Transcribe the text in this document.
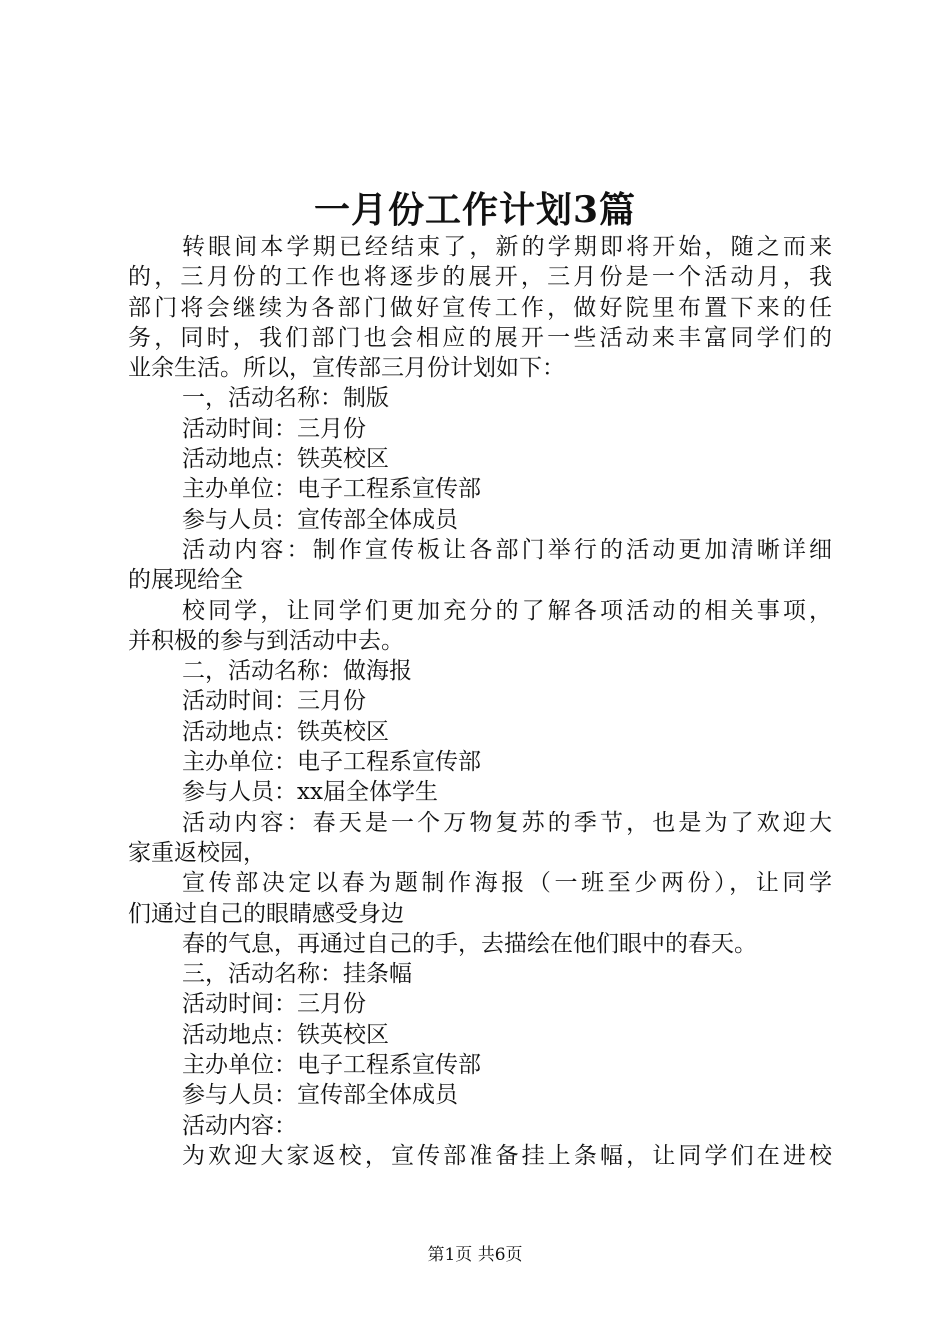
一月份工作计划3篇
转眼间本学期已经结束了，新的学期即将开始，随之而来
的，三月份的工作也将逐步的展开，三月份是一个活动月，我
部门将会继续为各部门做好宣传工作，做好院里布置下来的任
务，同时，我们部门也会相应的展开一些活动来丰富同学们的
业余生活。所以，宣传部三月份计划如下：
一，活动名称：制版
活动时间：三月份
活动地点：铁英校区
主办单位：电子工程系宣传部
参与人员：宣传部全体成员
活动内容：制作宣传板让各部门举行的活动更加清晰详细
的展现给全
校同学，让同学们更加充分的了解各项活动的相关事项，
并积极的参与到活动中去。
二，活动名称：做海报
活动时间：三月份
活动地点：铁英校区
主办单位：电子工程系宣传部
参与人员：xx届全体学生
活动内容：春天是一个万物复苏的季节，也是为了欢迎大
家重返校园，
宣传部决定以春为题制作海报（一班至少两份），让同学
们通过自己的眼睛感受身边
春的气息，再通过自己的手，去描绘在他们眼中的春天。
三，活动名称：挂条幅
活动时间：三月份
活动地点：铁英校区
主办单位：电子工程系宣传部
参与人员：宣传部全体成员
活动内容：
为欢迎大家返校，宣传部准备挂上条幅，让同学们在进校
第1页 共6页
